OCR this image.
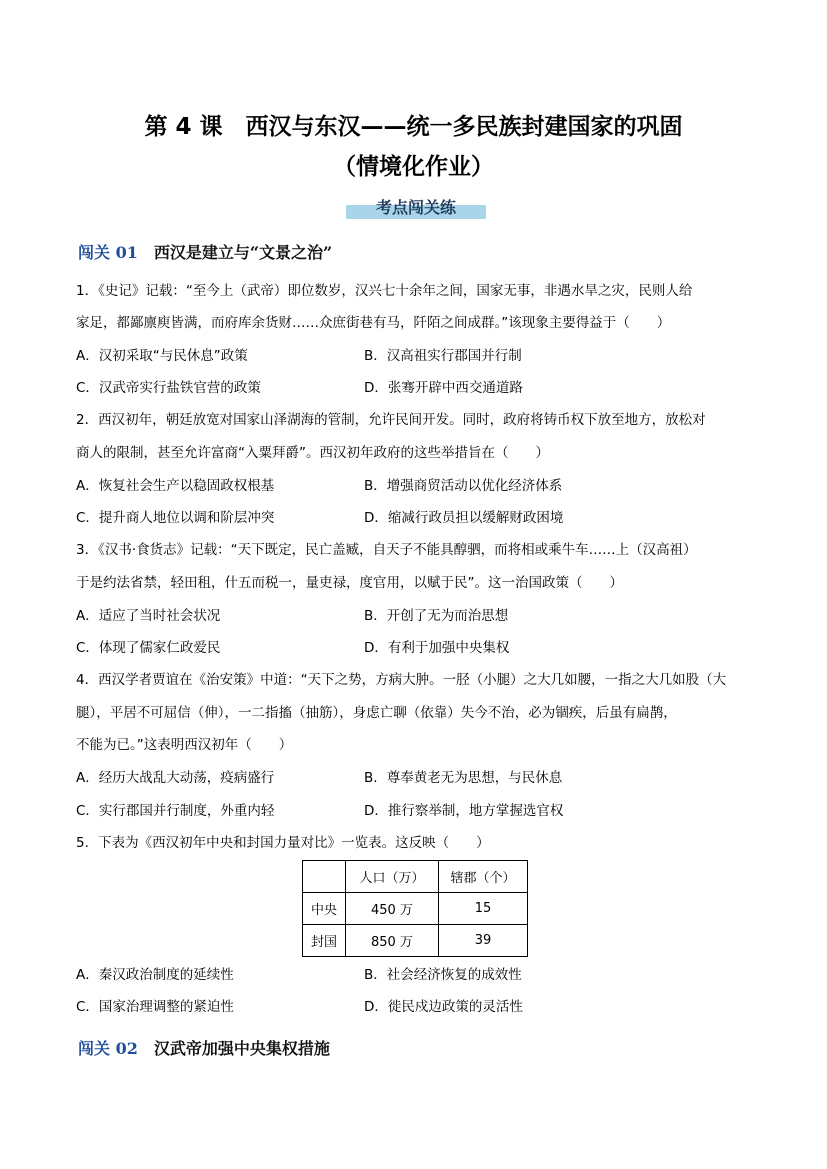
第 4 课　西汉与东汉——统一多民族封建国家的巩固
（情境化作业）
考点闯关练
闯关 01 西汉是建立与“文景之治”
1．《史记》记载：“至今上（武帝）即位数岁，汉兴七十余年之间，国家无事，非遇水旱之灾，民则人给
家足，都鄙廪庾皆满，而府库余货财……众庶街巷有马，阡陌之间成群。”该现象主要得益于（　　）
A．汉初采取“与民休息”政策	B．汉高祖实行郡国并行制
C．汉武帝实行盐铁官营的政策	D．张骞开辟中西交通道路
2．西汉初年，朝廷放宽对国家山泽湖海的管制，允许民间开发。同时，政府将铸币权下放至地方，放松对
商人的限制，甚至允许富商“入粟拜爵”。西汉初年政府的这些举措旨在（　　）
A．恢复社会生产以稳固政权根基	B．增强商贸活动以优化经济体系
C．提升商人地位以调和阶层冲突	D．缩减行政员担以缓解财政困境
3．《汉书·食货志》记载：“天下既定，民亡盖臧，自天子不能具醇驷，而将相或乘牛车……上（汉高祖）
于是约法省禁，轻田租，什五而税一，量吏禄，度官用，以赋于民”。这一治国政策（　　）
A．适应了当时社会状况	B．开创了无为而治思想
C．体现了儒家仁政爱民	D．有利于加强中央集权
4．西汉学者贾谊在《治安策》中道：“天下之势，方病大肿。一胫（小腿）之大几如腰，一指之大几如股（大
腿），平居不可屈信（伸），一二指搐（抽筋），身虑亡聊（依靠）失今不治，必为锢疾，后虽有扁鹊，
不能为已。”这表明西汉初年（　　）
A．经历大战乱大动荡，疫病盛行	B．尊奉黄老无为思想，与民休息
C．实行郡国并行制度，外重内轻	D．推行察举制，地方掌握选官权
5．下表为《西汉初年中央和封国力量对比》一览表。这反映（　　）
	人口（万）	辖郡（个）
中央	450 万	15
封国	850 万	39
A．秦汉政治制度的延续性	B．社会经济恢复的成效性
C．国家治理调整的紧迫性	D．徙民戍边政策的灵活性
闯关 02 汉武帝加强中央集权措施
